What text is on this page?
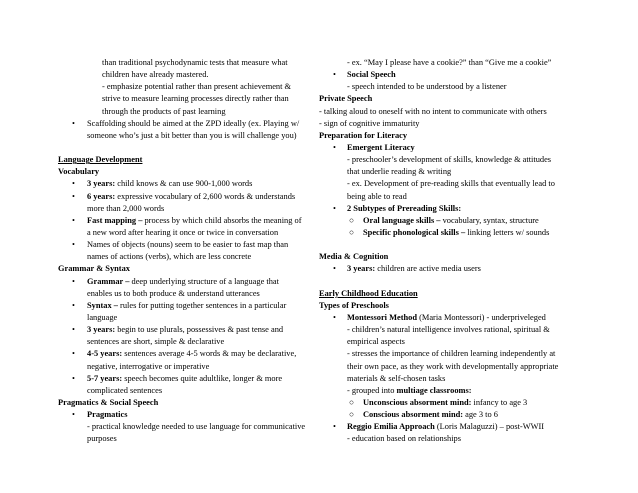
than traditional psychodynamic tests that measure what
children have already mastered.
- emphasize potential rather than present achievement &
strive to measure learning processes directly rather than
through the products of past learning
• Scaffolding should be aimed at the ZPD ideally (ex. Playing w/
someone who’s just a bit better than you is will challenge you)
Language Development
Vocabulary
• 3 years: child knows & can use 900-1,000 words
• 6 years: expressive vocabulary of 2,600 words & understands
more than 2,000 words
• Fast mapping – process by which child absorbs the meaning of
a new word after hearing it once or twice in conversation
• Names of objects (nouns) seem to be easier to fast map than
names of actions (verbs), which are less concrete
Grammar & Syntax
• Grammar – deep underlying structure of a language that
enables us to both produce & understand utterances
• Syntax – rules for putting together sentences in a particular
language
• 3 years: begin to use plurals, possessives & past tense and
sentences are short, simple & declarative
• 4-5 years: sentences average 4-5 words & may be declarative,
negative, interrogative or imperative
• 5-7 years: speech becomes quite adultlike, longer & more
complicated sentences
Pragmatics & Social Speech
• Pragmatics
- practical knowledge needed to use language for communicative
purposes
- ex. “May I please have a cookie?” than “Give me a cookie”
• Social Speech
- speech intended to be understood by a listener
Private Speech
- talking aloud to oneself with no intent to communicate with others
- sign of cognitive immaturity
Preparation for Literacy
• Emergent Literacy
- preschooler’s development of skills, knowledge & attitudes
that underlie reading & writing
- ex. Development of pre-reading skills that eventually lead to
being able to read
• 2 Subtypes of Prereading Skills:
○ Oral language skills – vocabulary, syntax, structure
○ Specific phonological skills – linking letters w/ sounds
Media & Cognition
• 3 years: children are active media users
Early Childhood Education
Types of Preschools
• Montessori Method (Maria Montessori) - underpriveleged
- children’s natural intelligence involves rational, spiritual &
empirical aspects
- stresses the importance of children learning independently at
their own pace, as they work with developmentally appropriate
materials & self-chosen tasks
- grouped into multiage classrooms:
○ Unconscious absorment mind: infancy to age 3
○ Conscious absorment mind: age 3 to 6
• Reggio Emilia Approach (Loris Malaguzzi) – post-WWII
- education based on relationships
